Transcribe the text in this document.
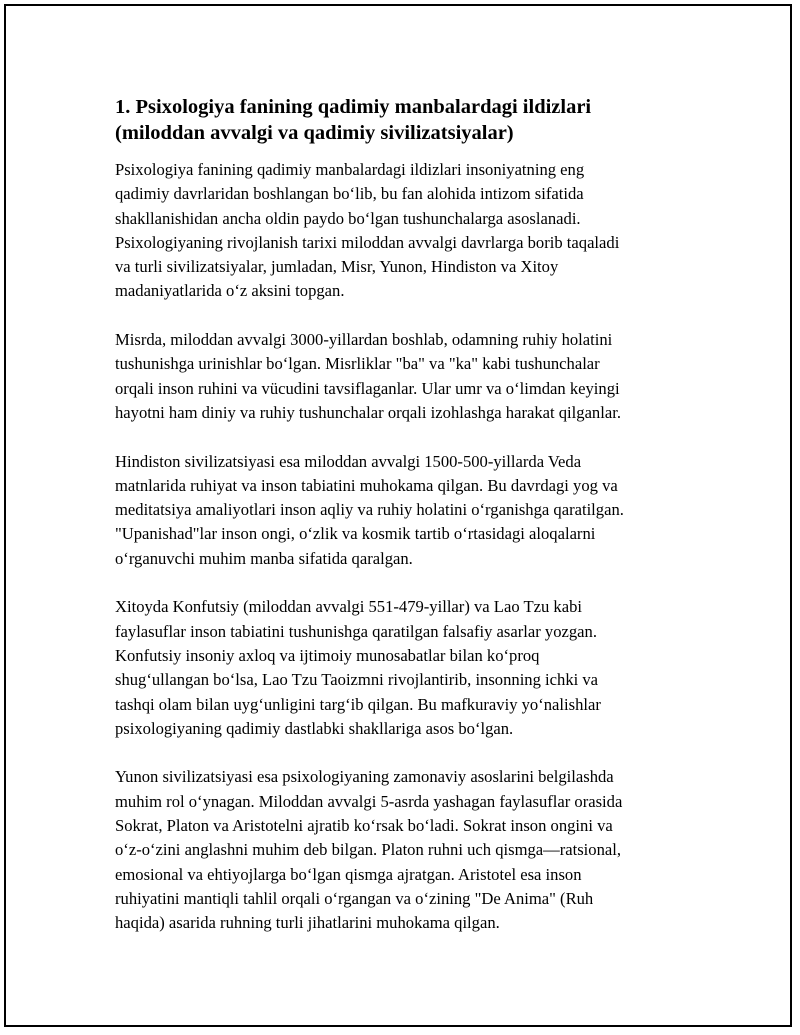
1. Psixologiya fanining qadimiy manbalardagi ildizlari
(miloddan avvalgi va qadimiy sivilizatsiyalar)

Psixologiya fanining qadimiy manbalardagi ildizlari insoniyatning eng
qadimiy davrlaridan boshlangan bo‘lib, bu fan alohida intizom sifatida
shakllanishidan ancha oldin paydo bo‘lgan tushunchalarga asoslanadi.
Psixologiyaning rivojlanish tarixi miloddan avvalgi davrlarga borib taqaladi
va turli sivilizatsiyalar, jumladan, Misr, Yunon, Hindiston va Xitoy
madaniyatlarida o‘z aksini topgan.

Misrda, miloddan avvalgi 3000-yillardan boshlab, odamning ruhiy holatini
tushunishga urinishlar bo‘lgan. Misrliklar "ba" va "ka" kabi tushunchalar
orqali inson ruhini va vücudini tavsiflaganlar. Ular umr va o‘limdan keyingi
hayotni ham diniy va ruhiy tushunchalar orqali izohlashga harakat qilganlar.

Hindiston sivilizatsiyasi esa miloddan avvalgi 1500-500-yillarda Veda
matnlarida ruhiyat va inson tabiatini muhokama qilgan. Bu davrdagi yog va
meditatsiya amaliyotlari inson aqliy va ruhiy holatini o‘rganishga qaratilgan.
"Upanishad"lar inson ongi, o‘zlik va kosmik tartib o‘rtasidagi aloqalarni
o‘rganuvchi muhim manba sifatida qaralgan.

Xitoyda Konfutsiy (miloddan avvalgi 551-479-yillar) va Lao Tzu kabi
faylasuflar inson tabiatini tushunishga qaratilgan falsafiy asarlar yozgan.
Konfutsiy insoniy axloq va ijtimoiy munosabatlar bilan ko‘proq
shug‘ullangan bo‘lsa, Lao Tzu Taoizmni rivojlantirib, insonning ichki va
tashqi olam bilan uyg‘unligini targ‘ib qilgan. Bu mafkuraviy yo‘nalishlar
psixologiyaning qadimiy dastlabki shakllariga asos bo‘lgan.

Yunon sivilizatsiyasi esa psixologiyaning zamonaviy asoslarini belgilashda
muhim rol o‘ynagan. Miloddan avvalgi 5-asrda yashagan faylasuflar orasida
Sokrat, Platon va Aristotelni ajratib ko‘rsak bo‘ladi. Sokrat inson ongini va
o‘z-o‘zini anglashni muhim deb bilgan. Platon ruhni uch qismga—ratsional,
emosional va ehtiyojlarga bo‘lgan qismga ajratgan. Aristotel esa inson
ruhiyatini mantiqli tahlil orqali o‘rgangan va o‘zining "De Anima" (Ruh
haqida) asarida ruhning turli jihatlarini muhokama qilgan.
